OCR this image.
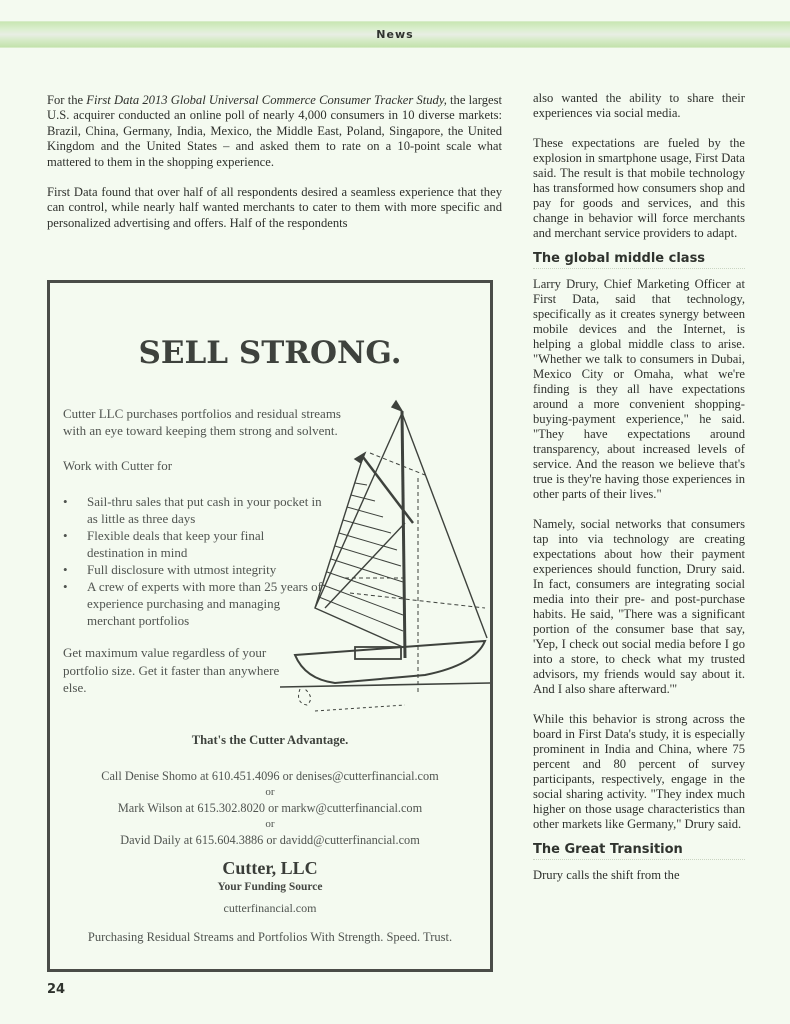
News

For the First Data 2013 Global Universal Commerce Consumer Tracker Study, the largest U.S. acquirer conducted an online poll of nearly 4,000 consumers in 10 diverse markets: Brazil, China, Germany, India, Mexico, the Middle East, Poland, Singapore, the United Kingdom and the United States – and asked them to rate on a 10-point scale what mattered to them in the shopping experience.

First Data found that over half of all respondents desired a seamless experience that they can control, while nearly half wanted merchants to cater to them with more specific and personalized advertising and offers. Half of the respondents

also wanted the ability to share their experiences via social media.

These expectations are fueled by the explosion in smartphone usage, First Data said. The result is that mobile technology has transformed how consumers shop and pay for goods and services, and this change in behavior will force merchants and merchant service providers to adapt.

The global middle class

Larry Drury, Chief Marketing Officer at First Data, said that technology, specifically as it creates synergy between mobile devices and the Internet, is helping a global middle class to arise. "Whether we talk to consumers in Dubai, Mexico City or Omaha, what we're finding is they all have expectations around a more convenient shopping-buying-payment experience," he said. "They have expectations around transparency, about increased levels of service. And the reason we believe that's true is they're having those experiences in other parts of their lives."

Namely, social networks that consumers tap into via technology are creating expectations about how their payment experiences should function, Drury said. In fact, consumers are integrating social media into their pre- and post-purchase habits. He said, "There was a significant portion of the consumer base that say, 'Yep, I check out social media before I go into a store, to check what my trusted advisors, my friends would say about it. And I also share afterward.'"

While this behavior is strong across the board in First Data's study, it is especially prominent in India and China, where 75 percent and 80 percent of survey participants, respectively, engage in the social sharing activity. "They index much higher on those usage characteristics than other markets like Germany," Drury said.

The Great Transition

Drury calls the shift from the

SELL STRONG.
Cutter LLC purchases portfolios and residual streams with an eye toward keeping them strong and solvent.
Work with Cutter for
• Sail-thru sales that put cash in your pocket in as little as three days
• Flexible deals that keep your final destination in mind
• Full disclosure with utmost integrity
• A crew of experts with more than 25 years of experience purchasing and managing merchant portfolios
Get maximum value regardless of your portfolio size. Get it faster than anywhere else.
That's the Cutter Advantage.
Call Denise Shomo at 610.451.4096 or denises@cutterfinancial.com
or
Mark Wilson at 615.302.8020 or markw@cutterfinancial.com
or
David Daily at 615.604.3886 or davidd@cutterfinancial.com
Cutter, LLC
Your Funding Source
cutterfinancial.com
Purchasing Residual Streams and Portfolios With Strength. Speed. Trust.
24
